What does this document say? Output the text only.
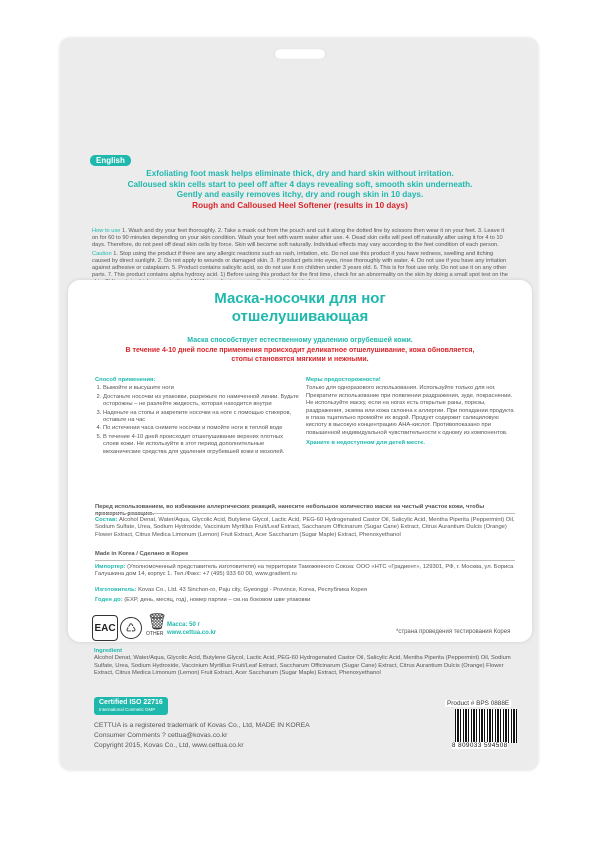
English
Exfoliating foot mask helps eliminate thick, dry and hard skin without irritation.
Calloused skin cells start to peel off after 4 days revealing soft, smooth skin underneath.
Gently and easily removes itchy, dry and rough skin in 10 days.
Rough and Calloused Heel Softener (results in 10 days)

How to use 1. Wash and dry your feet thoroughly. 2. Take a mask out from the pouch and cut it along the dotted line by scissors then wear it on your feet. 3. Leave it on for 60 to 90 minutes depending on your skin condition. Wash your feet with warm water after use. 4. Dead skin cells will peel off naturally after using it for 4 to 10 days. Therefore, do not peel off dead skin cells by force. Skin will become soft naturally. Individual effects may vary according to the feet condition of each person.

Caution 1. Stop using the product if there are any allergic reactions such as rash, irritation, etc. Do not use this product if you have redness, swelling and itching caused by direct sunlight. 2. Do not apply to wounds or damaged skin. 3. If product gets into eyes, rinse thoroughly with water. 4. Do not use if you have any irritation against adhesive or cataplasm. 5. Product contains salicylic acid, so do not use it on children under 3 years old. 6. This is for foot use only. Do not use it on any other parts. 7. This product contains alpha hydroxy acid. 1) Before using this product for the first time, check for an abnormality on the skin by doing a small spot test on the

Маска-носочки для ног
отшелушивающая
Маска способствует естественному удалению огрубевшей кожи.
В течение 4-10 дней после применения происходит деликатное отшелушивание, кожа обновляется,
стопы становятся мягкими и нежными.
Способ применения:
1. Вымойте и высушите ноги
2. Достаньте носочки из упаковки, разрежьте по намеченной линии. Будьте осторожны – не разлейте жидкость, которая находится внутри
3. Наденьте на стопы и закрепите носочки на ноге с помощью стикеров, оставьте на час
4. По истечении часа снимите носочки и помойте ноги в теплой воде
5. В течение 4-10 дней происходит отшелушивание верхних плотных слоев кожи. Не используйте в этот период дополнительные механические средства для удаления огрубевшей кожи и мозолей.
Меры предосторожности!
Только для одноразового использования. Используйте только для ног. Прекратите использование при появлении раздражения, зуде, покраснении. Не используйте маску, если на ногах есть открытые раны, порезы, раздражения, экзема или кожа склонна к аллергии. При попадании продукта в глаза тщательно промойте их водой. Продукт содержит салициловую кислоту в высокую концентрацию AHA-кислот. Противопоказано при повышенной индивидуальной чувствительности к одному из компонентов.
Храните в недоступном для детей месте.
Перед использованием, во избежание аллергических реакций, нанесите небольшое количество маски на чистый участок кожи, чтобы проверить реакцию.
Состав: Alcohol Denat, Water/Aqua, Glycolic Acid, Butylene Glycol, Lactic Acid, PEG-60 Hydrogenated Castor Oil, Salicylic Acid, Mentha Piperita (Peppermint) Oil, Sodium Sulfate, Urea, Sodium Hydroxide, Vaccinium Myrtillus Fruit/Leaf Extract, Saccharum Officinarum (Sugar Cane) Extract, Citrus Aurantium Dulcis (Orange) Flower Extract, Citrus Medica Limonum (Lemon) Fruit Extract, Acer Saccharum (Sugar Maple) Extract, Phenoxyethanol
Made in Korea / Сделано в Корее
Импортер: (Уполномоченный представитель изготовителя) на территории Таможенного Союза: ООО «НТС «Градиент», 129301, РФ, г. Москва, ул. Бориса Галушкина дом 14, корпус 1. Тел./Факс: +7 (495) 933 60 00, www.gradient.ru
Изготовитель: Kovas Co., Ltd. 43 Sinchon-ro, Paju city, Gyeonggi - Province, Korea, Республика Корея
Годен до: (EXP, день, месяц, год), номер партии – см.на боковом шве упаковки
EAC ♺ 🗑
OTHER
Масса: 50 г
www.cettua.co.kr	*страна проведения тестирования Корея
Ingredient
Alcohol Denat, Water/Aqua, Glycolic Acid, Butylene Glycol, Lactic Acid, PEG-60 Hydrogenated Castor Oil, Salicylic Acid, Mentha Piperita (Peppermint) Oil, Sodium Sulfate, Urea, Sodium Hydroxide, Vaccinium Myrtillus Fruit/Leaf Extract, Saccharum Officinarum (Sugar Cane) Extract, Citrus Aurantium Dulcis (Orange) Flower Extract, Citrus Medica Limonum (Lemon) Fruit Extract, Acer Saccharum (Sugar Maple) Extract, Phenoxyethanol
Certified ISO 22716
International Cosmetic GMP
CETTUA is a registered trademark of Kovas Co., Ltd, MADE IN KOREA
Consumer Comments ? cettua@kovas.co.kr
Copyright 2015, Kovas Co., Ltd, www.cettua.co.kr
Product # BPS 0888E
8 809033 594508
